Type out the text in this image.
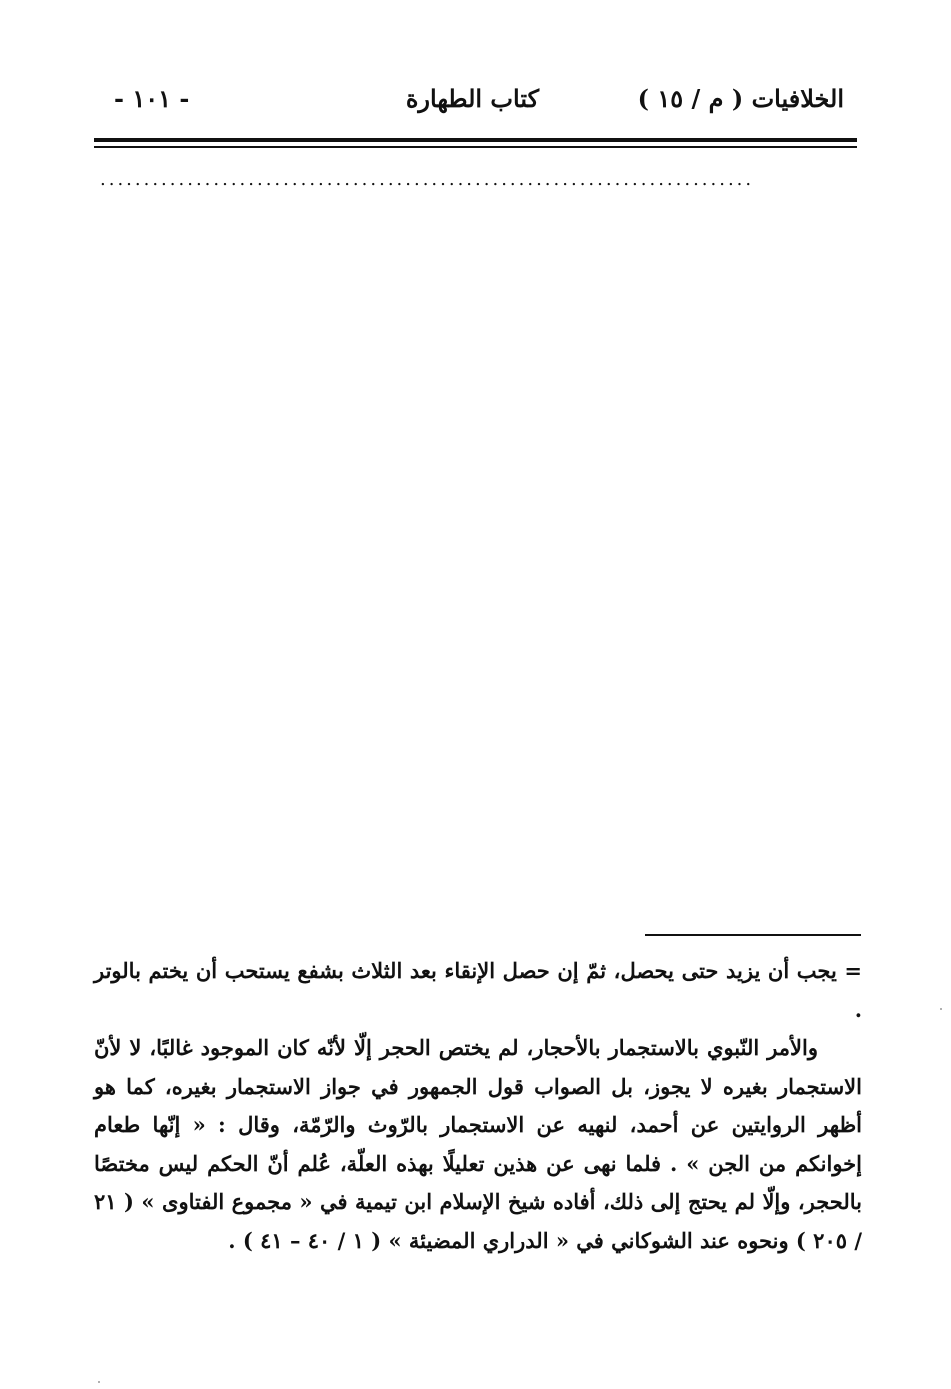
الخلافيات ( م / ١٥ )
كتاب الطهارة
- ١٠١ -
...........................................................................

= يجب أن يزيد حتى يحصل، ثمّ إن حصل الإنقاء بعد الثلاث بشفع يستحب أن يختم بالوتر .

والأمر النّبوي بالاستجمار بالأحجار، لم يختص الحجر إلّا لأنّه كان الموجود غالبًا، لا لأنّ الاستجمار بغيره لا يجوز، بل الصواب قول الجمهور في جواز الاستجمار بغيره، كما هو أظهر الروايتين عن أحمد، لنهيه عن الاستجمار بالرّوث والرّمّة، وقال : « إنّها طعام إخوانكم من الجن » . فلما نهى عن هذين تعليلًا بهذه العلّة، عُلم أنّ الحكم ليس مختصًا بالحجر، وإلّا لم يحتج إلى ذلك، أفاده شيخ الإسلام ابن تيمية في « مجموع الفتاوى » ( ٢١ / ٢٠٥ ) ونحوه عند الشوكاني في « الدراري المضيئة » ( ١ / ٤٠ – ٤١ ) .
